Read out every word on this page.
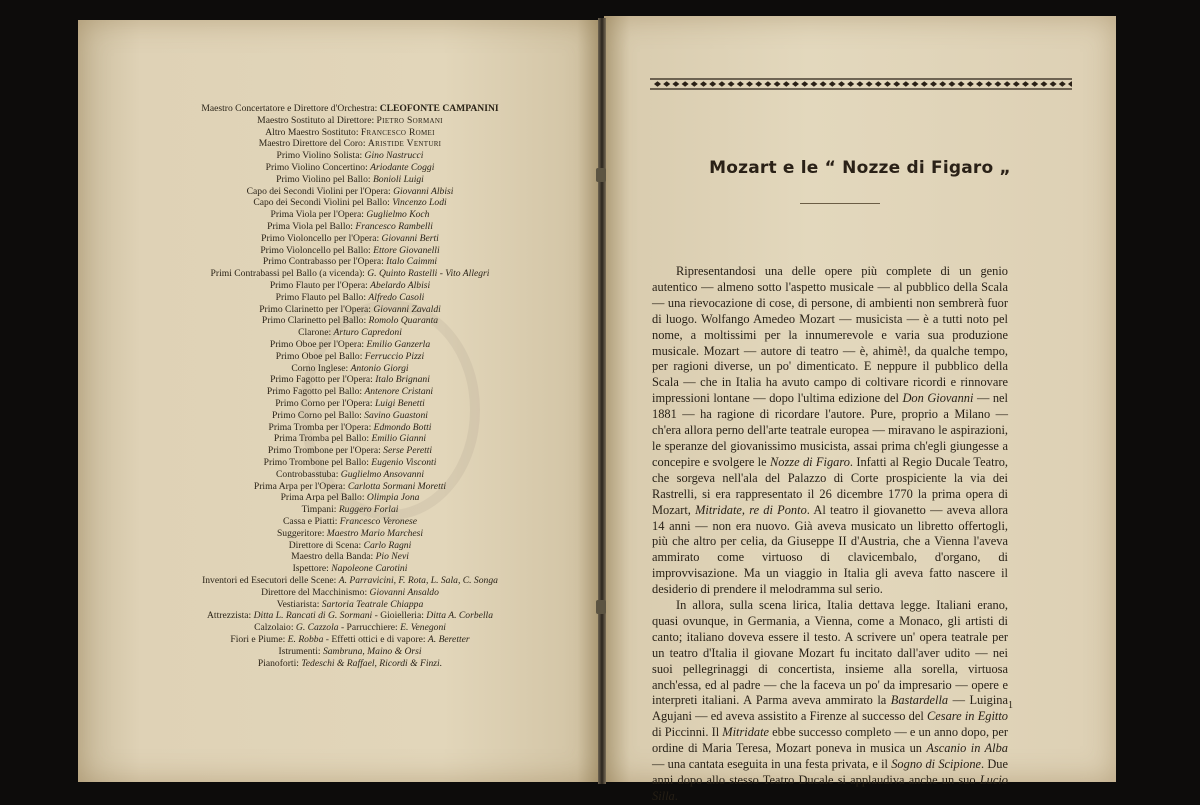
Maestro Concertatore e Direttore d'Orchestra: CLEOFONTE CAMPANINI
Maestro Sostituto al Direttore: Pietro Sormani
Altro Maestro Sostituto: Francesco Romei
Maestro Direttore del Coro: Aristide Venturi
Primo Violino Solista: Gino Nastrucci
Primo Violino Concertino: Ariodante Coggi
Primo Violino pel Ballo: Bonioli Luigi
Capo dei Secondi Violini per l'Opera: Giovanni Albisi
Capo dei Secondi Violini pel Ballo: Vincenzo Lodi
Prima Viola per l'Opera: Guglielmo Koch
Prima Viola pel Ballo: Francesco Rambelli
Primo Violoncello per l'Opera: Giovanni Berti
Primo Violoncello pel Ballo: Ettore Giovanelli
Primo Contrabasso per l'Opera: Italo Caimmi
Primi Contrabassi pel Ballo (a vicenda): G. Quinto Rastelli - Vito Allegri
Primo Flauto per l'Opera: Abelardo Albisi
Primo Flauto pel Ballo: Alfredo Casoli
Primo Clarinetto per l'Opera: Giovanni Zavaldi
Primo Clarinetto pel Ballo: Romolo Quaranta
Clarone: Arturo Capredoni
Primo Oboe per l'Opera: Emilio Ganzerla
Primo Oboe pel Ballo: Ferruccio Pizzi
Corno Inglese: Antonio Giorgi
Primo Fagotto per l'Opera: Italo Brignani
Primo Fagotto pel Ballo: Antenore Cristani
Primo Corno per l'Opera: Luigi Benetti
Primo Corno pel Ballo: Savino Guastoni
Prima Tromba per l'Opera: Edmondo Botti
Prima Tromba pel Ballo: Emilio Gianni
Primo Trombone per l'Opera: Serse Peretti
Primo Trombone pel Ballo: Eugenio Visconti
Controbasstuba: Guglielmo Ansovanni
Prima Arpa per l'Opera: Carlotta Sormani Moretti
Prima Arpa pel Ballo: Olimpia Jona
Timpani: Ruggero Forlai
Cassa e Piatti: Francesco Veronese
Suggeritore: Maestro Mario Marchesi
Direttore di Scena: Carlo Ragni
Maestro della Banda: Pio Nevi
Ispettore: Napoleone Carotini
Inventori ed Esecutori delle Scene: A. Parravicini, F. Rota, L. Sala, C. Songa
Direttore del Macchinismo: Giovanni Ansaldo
Vestiarista: Sartoria Teatrale Chiappa
Attrezzista: Ditta L. Rancati di G. Sormani - Gioielleria: Ditta A. Corbella
Calzolaio: G. Cazzola - Parrucchiere: E. Venegoni
Fiori e Piume: E. Robba - Effetti ottici e di vapore: A. Beretter
Istrumenti: Sambruna, Maino & Orsi
Pianoforti: Tedeschi & Raffael, Ricordi & Finzi.
Mozart e le “ Nozze di Figaro „

Ripresentandosi una delle opere più complete di un genio autentico — almeno sotto l'aspetto musicale — al pubblico della Scala — una rievocazione di cose, di persone, di ambienti non sembrerà fuor di luogo. Wolfango Amedeo Mozart — musicista — è a tutti noto pel nome, a moltissimi per la innumerevole e varia sua produzione musicale. Mozart — autore di teatro — è, ahimè!, da qualche tempo, per ragioni diverse, un po' dimenticato. E neppure il pubblico della Scala — che in Italia ha avuto campo di coltivare ricordi e rinnovare impressioni lontane — dopo l'ultima edizione del Don Giovanni — nel 1881 — ha ragione di ricordare l'autore. Pure, proprio a Milano — ch'era allora perno dell'arte teatrale europea — miravano le aspirazioni, le speranze del giovanissimo musicista, assai prima ch'egli giungesse a concepire e svolgere le Nozze di Figaro. Infatti al Regio Ducale Teatro, che sorgeva nell'ala del Palazzo di Corte prospiciente la via dei Rastrelli, si era rappresentato il 26 dicembre 1770 la prima opera di Mozart, Mitridate, re di Ponto. Al teatro il giovanetto — aveva allora 14 anni — non era nuovo. Già aveva musicato un libretto offertogli, più che altro per celia, da Giuseppe II d'Austria, che a Vienna l'aveva ammirato come virtuoso di clavicembalo, d'organo, di improvvisazione. Ma un viaggio in Italia gli aveva fatto nascere il desiderio di prendere il melodramma sul serio.

In allora, sulla scena lirica, Italia dettava legge. Italiani erano, quasi ovunque, in Germania, a Vienna, come a Monaco, gli artisti di canto; italiano doveva essere il testo. A scrivere un' opera teatrale per un teatro d'Italia il giovane Mozart fu incitato dall'aver udito — nei suoi pellegrinaggi di concertista, insieme alla sorella, virtuosa anch'essa, ed al padre — che la faceva un po' da impresario — opere e interpreti italiani. A Parma aveva ammirato la Bastardella — Luigina Agujani — ed aveva assistito a Firenze al successo del Cesare in Egitto di Piccinni. Il Mitridate ebbe successo completo — e un anno dopo, per ordine di Maria Teresa, Mozart poneva in musica un Ascanio in Alba — una cantata eseguita in una festa privata, e il Sogno di Scipione. Due anni dopo allo stesso Teatro Ducale si applaudiva anche un suo Lucio Silla.

1
